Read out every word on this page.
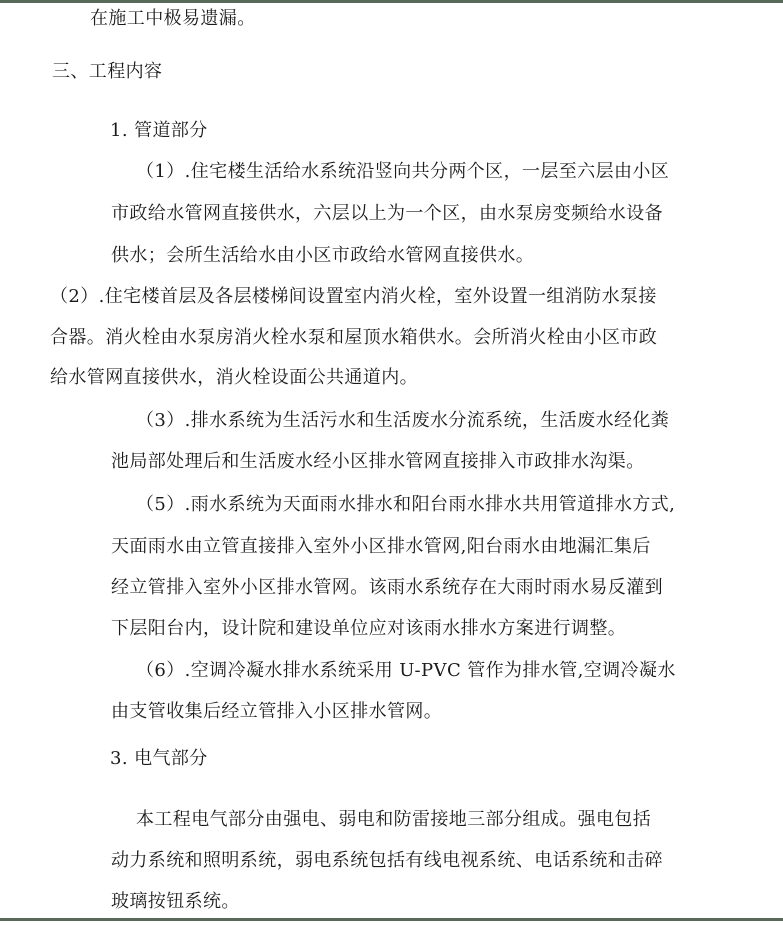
在施工中极易遗漏。
三、工程内容
1. 管道部分
（1）.住宅楼生活给水系统沿竖向共分两个区，一层至六层由小区
市政给水管网直接供水，六层以上为一个区，由水泵房变频给水设备
供水；会所生活给水由小区市政给水管网直接供水。
（2）.住宅楼首层及各层楼梯间设置室内消火栓，室外设置一组消防水泵接
合器。消火栓由水泵房消火栓水泵和屋顶水箱供水。会所消火栓由小区市政
给水管网直接供水，消火栓设面公共通道内。
（3）.排水系统为生活污水和生活废水分流系统，生活废水经化粪
池局部处理后和生活废水经小区排水管网直接排入市政排水沟渠。
（5）.雨水系统为天面雨水排水和阳台雨水排水共用管道排水方式,
天面雨水由立管直接排入室外小区排水管网,阳台雨水由地漏汇集后
经立管排入室外小区排水管网。该雨水系统存在大雨时雨水易反灌到
下层阳台内，设计院和建设单位应对该雨水排水方案进行调整。
（6）.空调冷凝水排水系统采用 U-PVC 管作为排水管,空调冷凝水
由支管收集后经立管排入小区排水管网。
3. 电气部分
本工程电气部分由强电、弱电和防雷接地三部分组成。强电包括
动力系统和照明系统，弱电系统包括有线电视系统、电话系统和击碎
玻璃按钮系统。
